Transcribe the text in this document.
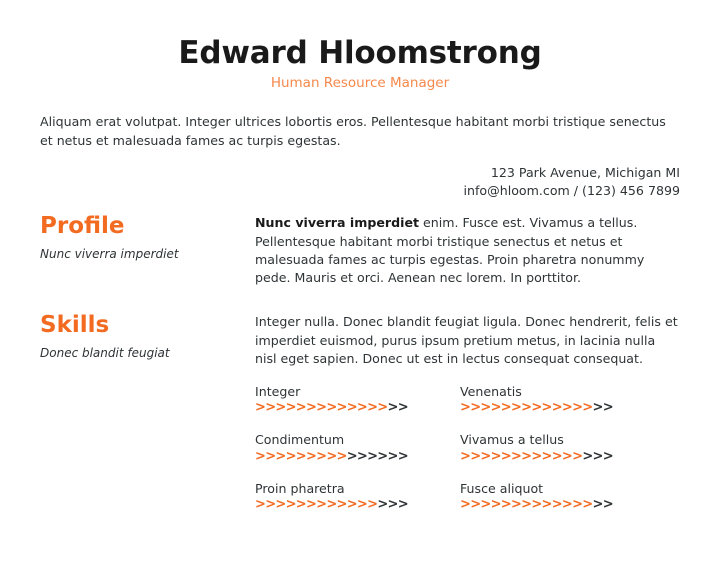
Edward Hloomstrong
Human Resource Manager
Aliquam erat volutpat. Integer ultrices lobortis eros. Pellentesque habitant morbi tristique senectus et netus et malesuada fames ac turpis egestas.
123 Park Avenue, Michigan MI
info@hloom.com / (123) 456 7899
Profile
Nunc viverra imperdiet
Nunc viverra imperdiet enim. Fusce est. Vivamus a tellus. Pellentesque habitant morbi tristique senectus et netus et malesuada fames ac turpis egestas. Proin pharetra nonummy pede. Mauris et orci. Aenean nec lorem. In porttitor.
Skills
Donec blandit feugiat
Integer nulla. Donec blandit feugiat ligula. Donec hendrerit, felis et imperdiet euismod, purus ipsum pretium metus, in lacinia nulla nisl eget sapien. Donec ut est in lectus consequat consequat.
Integer
>>>>>>>>>>>>>>>
Venenatis
>>>>>>>>>>>>>>>
Condimentum
>>>>>>>>>>>>>>>
Vivamus a tellus
>>>>>>>>>>>>>>>
Proin pharetra
>>>>>>>>>>>>>>>
Fusce aliquot
>>>>>>>>>>>>>>>
